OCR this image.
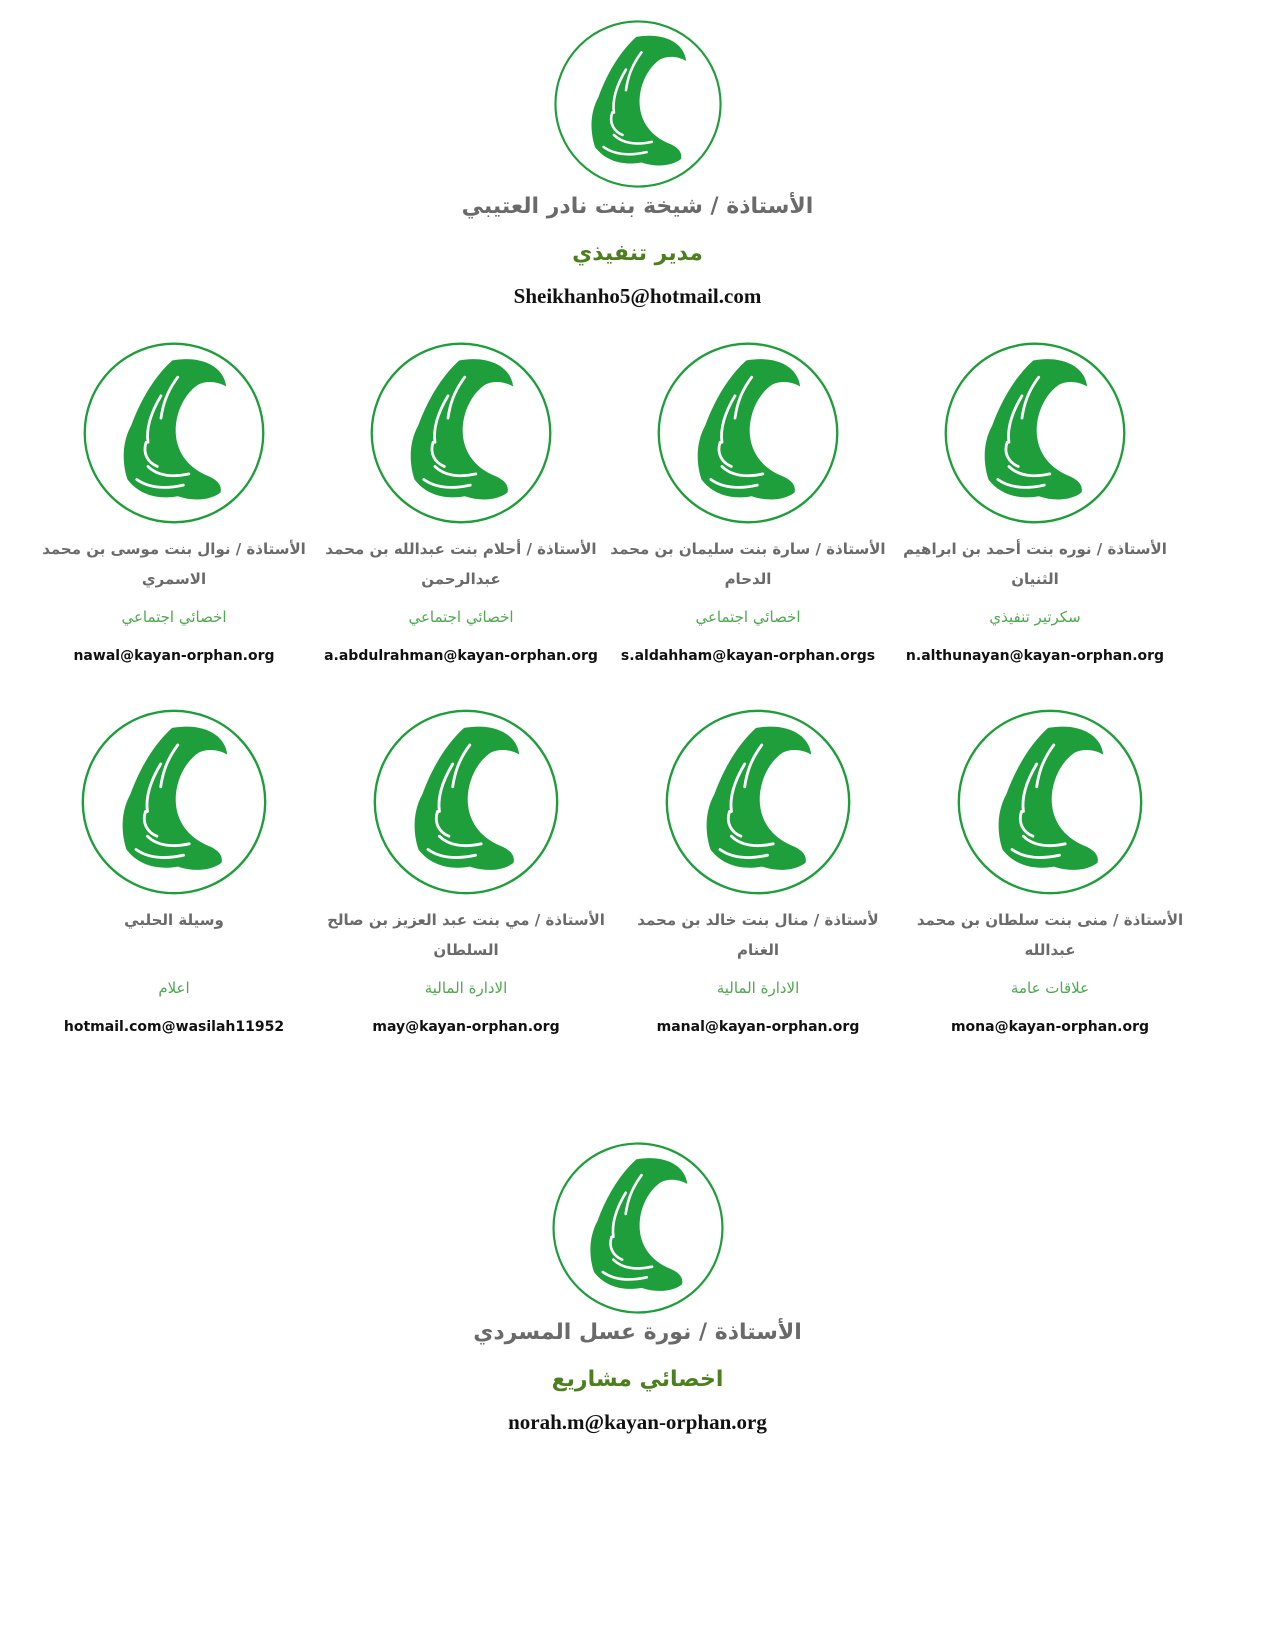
الأستاذة / شيخة بنت نادر العتيبي
مدير تنفيذي
Sheikhanho5@hotmail.com
الأستاذة / نوال بنت موسى بن محمد الاسمري
اخصائي اجتماعي
nawal@kayan-orphan.org
الأستاذة / أحلام بنت عبدالله بن محمد عبدالرحمن
اخصائي اجتماعي
a.abdulrahman@kayan-orphan.org
الأستاذة / سارة بنت سليمان بن محمد الدحام
اخصائي اجتماعي
s.aldahham@kayan-orphan.orgs
الأستاذة / نوره بنت أحمد بن ابراهيم الثنيان
سكرتير تنفيذي
n.althunayan@kayan-orphan.org
وسيلة الحلبي
اعلام
hotmail.com@wasilah11952
الأستاذة / مي بنت عبد العزيز بن صالح السلطان
الادارة المالية
may@kayan-orphan.org
لأستاذة / منال بنت خالد بن محمد الغنام
الادارة المالية
manal@kayan-orphan.org
الأستاذة / منى بنت سلطان بن محمد عبدالله
علاقات عامة
mona@kayan-orphan.org
الأستاذة / نورة عسل المسردي
اخصائي مشاريع
norah.m@kayan-orphan.org
